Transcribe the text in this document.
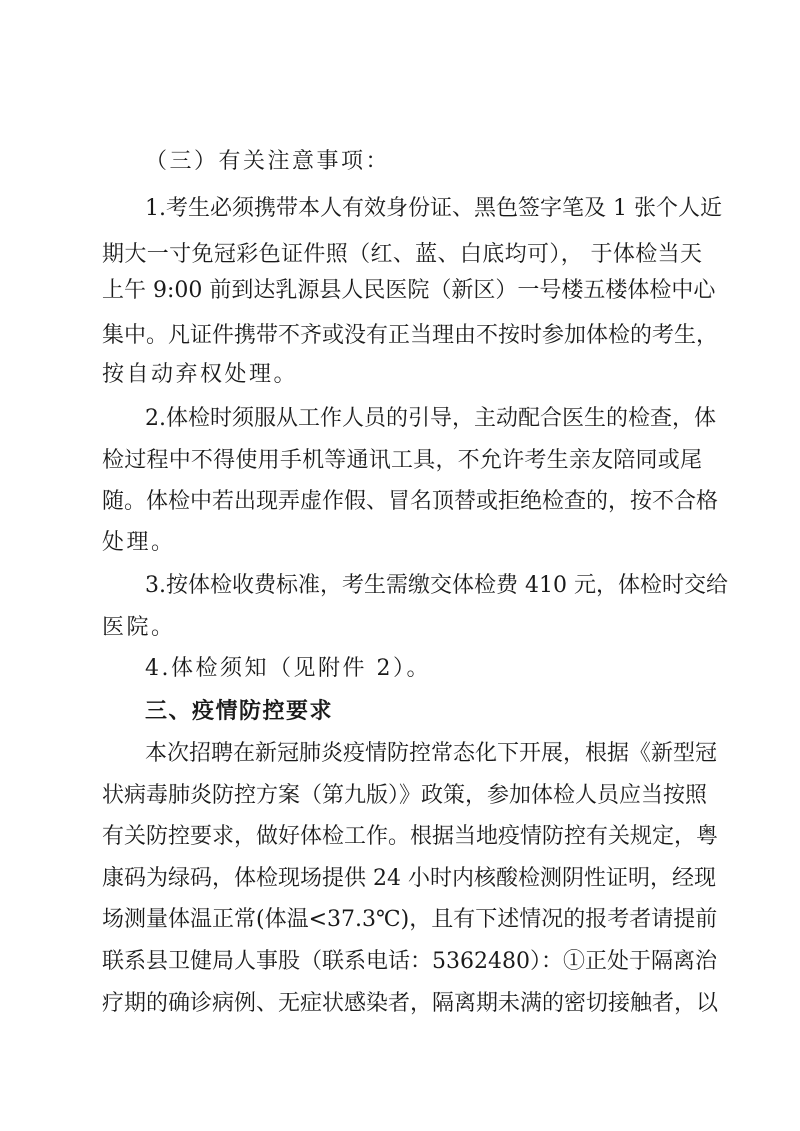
（三）有关注意事项：
1.考生必须携带本人有效身份证、黑色签字笔及 1 张个人近
期大一寸免冠彩色证件照（红、蓝、白底均可）， 于体检当天
上午 9:00 前到达乳源县人民医院（新区）一号楼五楼体检中心
集中。凡证件携带不齐或没有正当理由不按时参加体检的考生，
按自动弃权处理。
2.体检时须服从工作人员的引导，主动配合医生的检查，体
检过程中不得使用手机等通讯工具，不允许考生亲友陪同或尾
随。体检中若出现弄虚作假、冒名顶替或拒绝检查的，按不合格
处理。
3.按体检收费标准，考生需缴交体检费 410 元，体检时交给
医院。
4.体检须知（见附件 2）。
三、疫情防控要求
本次招聘在新冠肺炎疫情防控常态化下开展，根据《新型冠
状病毒肺炎防控方案（第九版）》政策，参加体检人员应当按照
有关防控要求，做好体检工作。根据当地疫情防控有关规定，粤
康码为绿码，体检现场提供 24 小时内核酸检测阴性证明，经现
场测量体温正常(体温<37.3℃)，且有下述情况的报考者请提前
联系县卫健局人事股（联系电话：5362480）：①正处于隔离治
疗期的确诊病例、无症状感染者，隔离期未满的密切接触者，以
